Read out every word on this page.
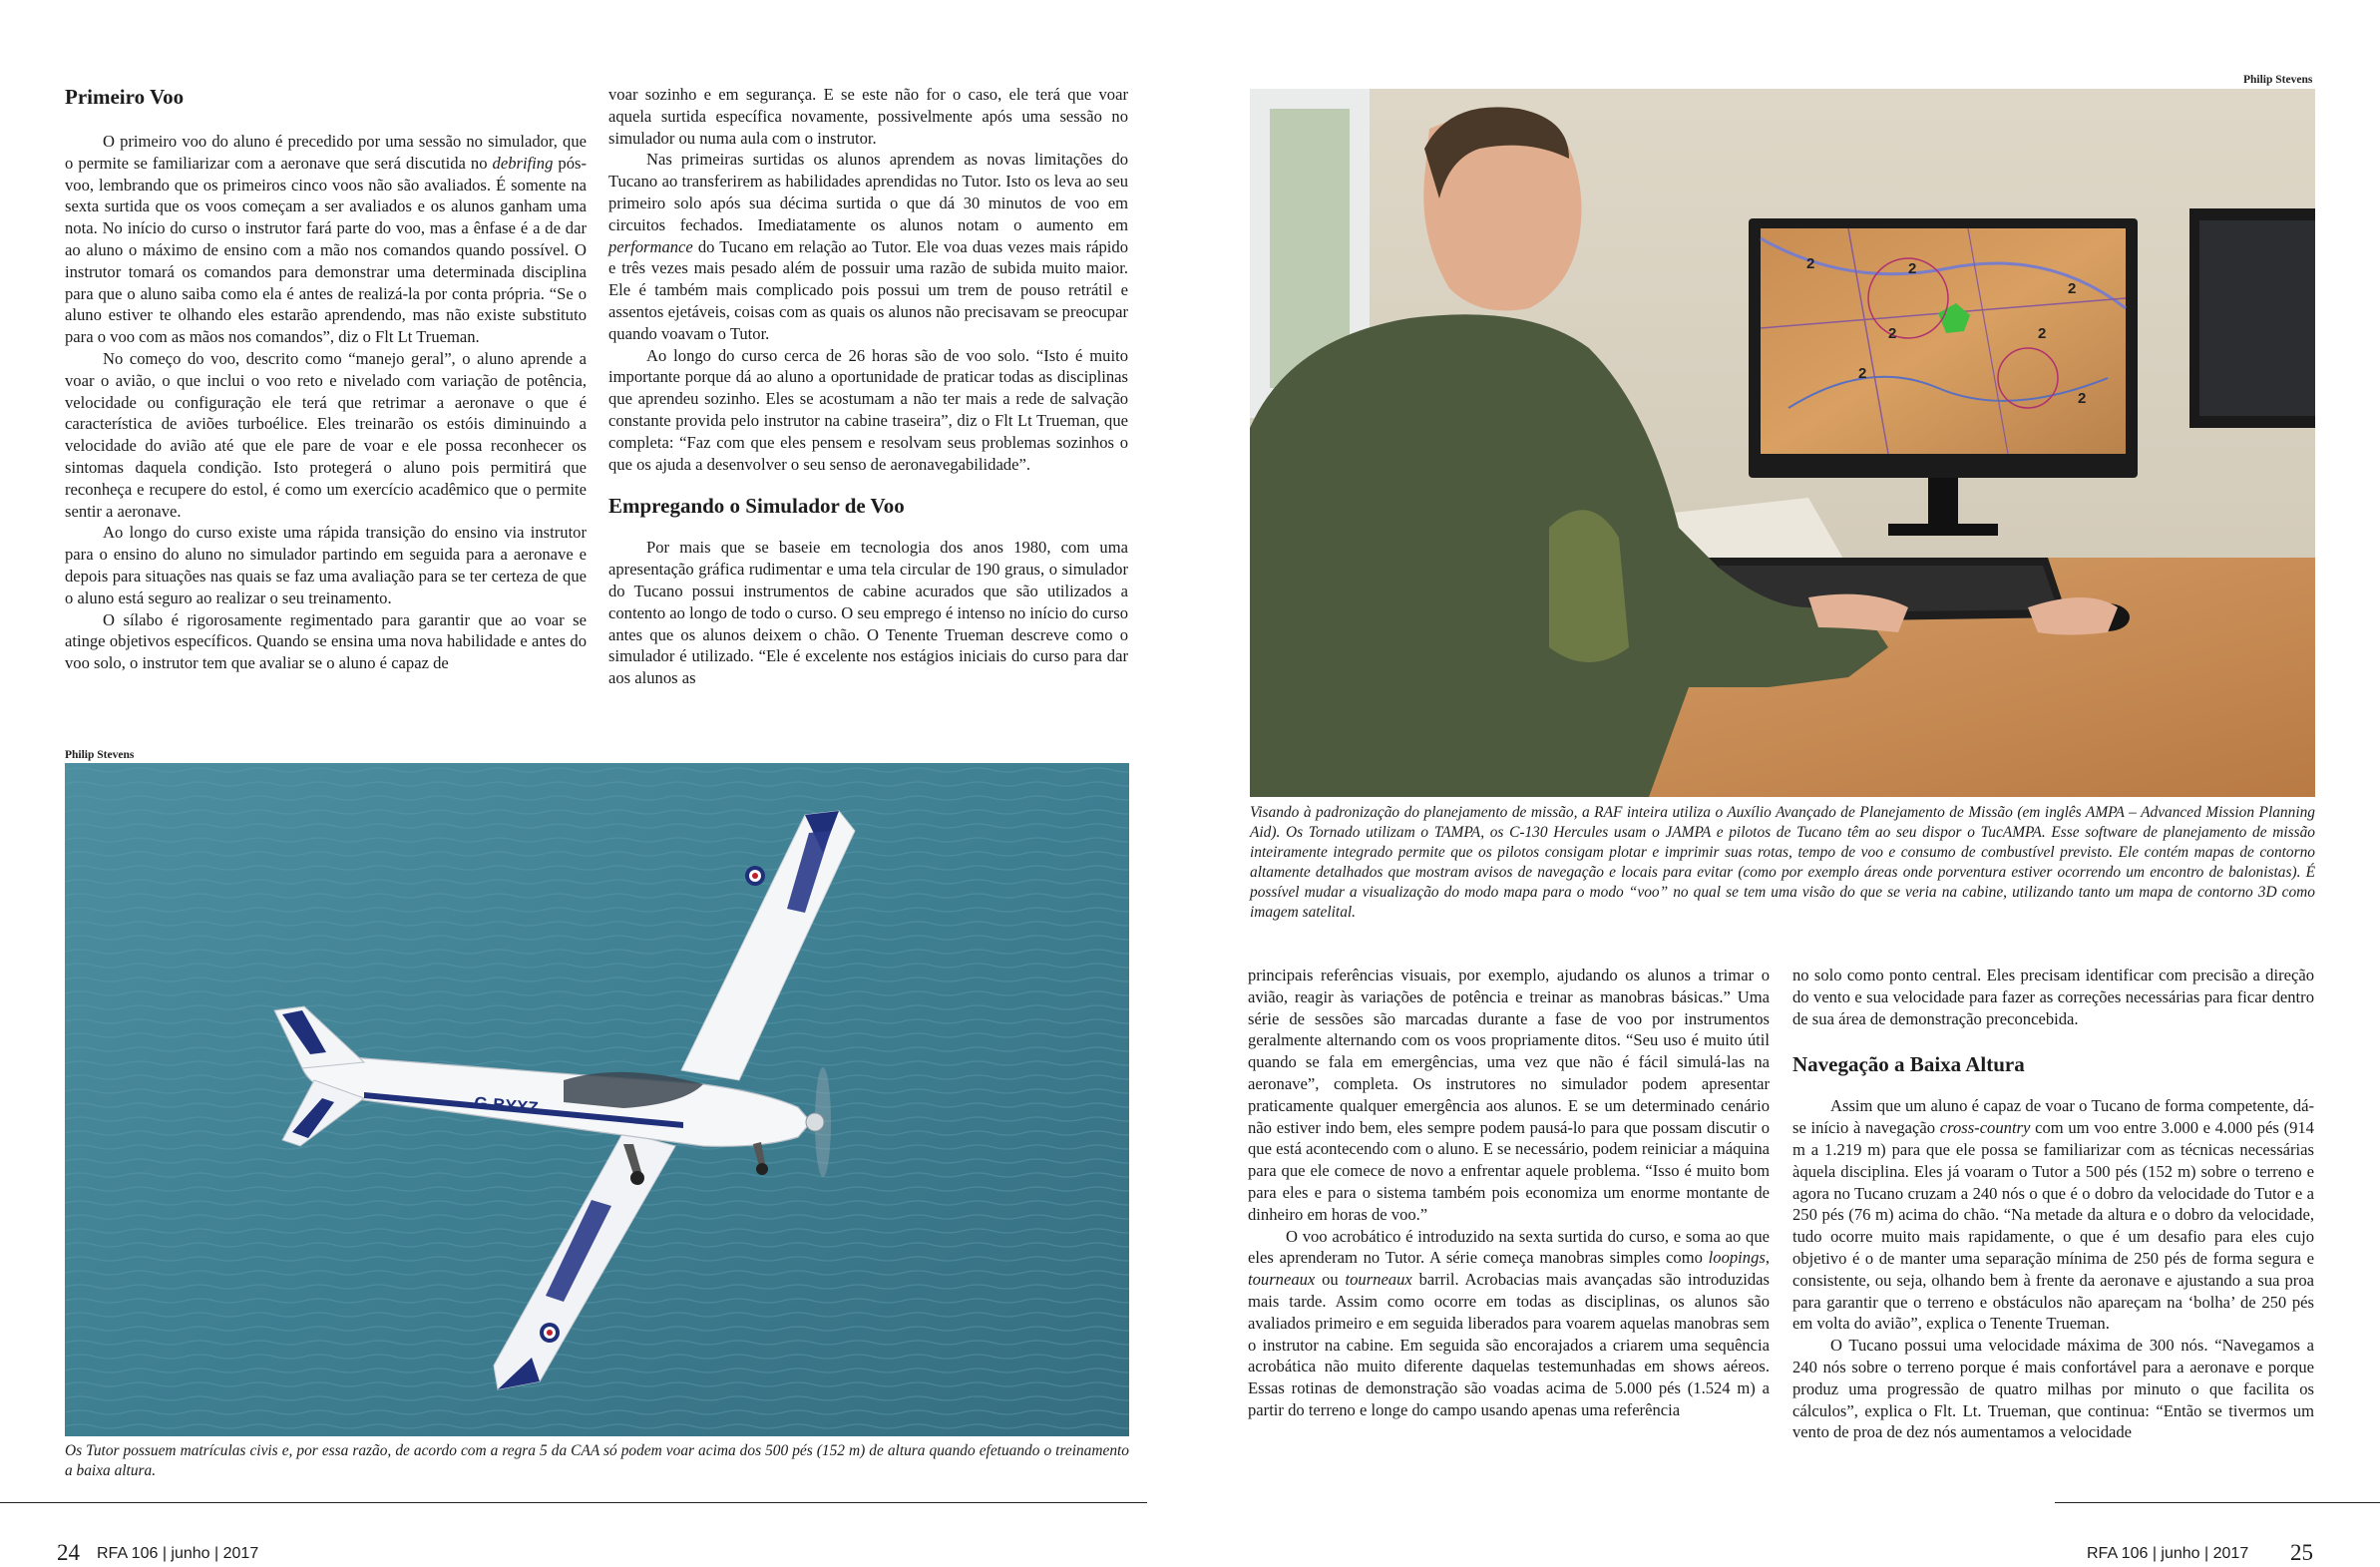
Primeiro Voo

O primeiro voo do aluno é precedido por uma sessão no simulador, que o permite se familiarizar com a aeronave que será discutida no debrifing pós-voo, lembrando que os primeiros cinco voos não são avaliados. É somente na sexta surtida que os voos começam a ser avaliados e os alunos ganham uma nota. No início do curso o instrutor fará parte do voo, mas a ênfase é a de dar ao aluno o máximo de ensino com a mão nos comandos quando possível. O instrutor tomará os comandos para demonstrar uma determinada disciplina para que o aluno saiba como ela é antes de realizá-la por conta própria. “Se o aluno estiver te olhando eles estarão aprendendo, mas não existe substituto para o voo com as mãos nos comandos”, diz o Flt Lt Trueman.

No começo do voo, descrito como “manejo geral”, o aluno aprende a voar o avião, o que inclui o voo reto e nivelado com variação de potência, velocidade ou configuração ele terá que retrimar a aeronave o que é característica de aviões turboélice. Eles treinarão os estóis diminuindo a velocidade do avião até que ele pare de voar e ele possa reconhecer os sintomas daquela condição. Isto protegerá o aluno pois permitirá que reconheça e recupere do estol, é como um exercício acadêmico que o permite sentir a aeronave.

Ao longo do curso existe uma rápida transição do ensino via instrutor para o ensino do aluno no simulador partindo em seguida para a aeronave e depois para situações nas quais se faz uma avaliação para se ter certeza de que o aluno está seguro ao realizar o seu treinamento.

O sílabo é rigorosamente regimentado para garantir que ao voar se atinge objetivos específicos. Quando se ensina uma nova habilidade e antes do voo solo, o instrutor tem que avaliar se o aluno é capaz de

voar sozinho e em segurança. E se este não for o caso, ele terá que voar aquela surtida específica novamente, possivelmente após uma sessão no simulador ou numa aula com o instrutor.

Nas primeiras surtidas os alunos aprendem as novas limitações do Tucano ao transferirem as habilidades aprendidas no Tutor. Isto os leva ao seu primeiro solo após sua décima surtida o que dá 30 minutos de voo em circuitos fechados. Imediatamente os alunos notam o aumento em performance do Tucano em relação ao Tutor. Ele voa duas vezes mais rápido e três vezes mais pesado além de possuir uma razão de subida muito maior. Ele é também mais complicado pois possui um trem de pouso retrátil e assentos ejetáveis, coisas com as quais os alunos não precisavam se preocupar quando voavam o Tutor.

Ao longo do curso cerca de 26 horas são de voo solo. “Isto é muito importante porque dá ao aluno a oportunidade de praticar todas as disciplinas que aprendeu sozinho. Eles se acostumam a não ter mais a rede de salvação constante provida pelo instrutor na cabine traseira”, diz o Flt Lt Trueman, que completa: “Faz com que eles pensem e resolvam seus problemas sozinhos o que os ajuda a desenvolver o seu senso de aeronavegabilidade”.

Empregando o Simulador de Voo

Por mais que se baseie em tecnologia dos anos 1980, com uma apresentação gráfica rudimentar e uma tela circular de 190 graus, o simulador do Tucano possui instrumentos de cabine acurados que são utilizados a contento ao longo de todo o curso. O seu emprego é intenso no início do curso antes que os alunos deixem o chão. O Tenente Trueman descreve como o simulador é utilizado. “Ele é excelente nos estágios iniciais do curso para dar aos alunos as

Philip Stevens
G-BYXZ
Os Tutor possuem matrículas civis e, por essa razão, de acordo com a regra 5 da CAA só podem voar acima dos 500 pés (152 m) de altura quando efetuando o treinamento a baixa altura.
24 RFA 106 | junho | 2017
Philip Stevens
2	2
2
2	2
2
2
Visando à padronização do planejamento de missão, a RAF inteira utiliza o Auxílio Avançado de Planejamento de Missão (em inglês AMPA – Advanced Mission Planning Aid). Os Tornado utilizam o TAMPA, os C-130 Hercules usam o JAMPA e pilotos de Tucano têm ao seu dispor o TucAMPA. Esse software de planejamento de missão inteiramente integrado permite que os pilotos consigam plotar e imprimir suas rotas, tempo de voo e consumo de combustível previsto. Ele contém mapas de contorno altamente detalhados que mostram avisos de navegação e locais para evitar (como por exemplo áreas onde porventura estiver ocorrendo um encontro de balonistas). É possível mudar a visualização do modo mapa para o modo “voo” no qual se tem uma visão do que se veria na cabine, utilizando tanto um mapa de contorno 3D como imagem satelital.

principais referências visuais, por exemplo, ajudando os alunos a trimar o avião, reagir às variações de potência e treinar as manobras básicas.” Uma série de sessões são marcadas durante a fase de voo por instrumentos geralmente alternando com os voos propriamente ditos. “Seu uso é muito útil quando se fala em emergências, uma vez que não é fácil simulá-las na aeronave”, completa. Os instrutores no simulador podem apresentar praticamente qualquer emergência aos alunos. E se um determinado cenário não estiver indo bem, eles sempre podem pausá-lo para que possam discutir o que está acontecendo com o aluno. E se necessário, podem reiniciar a máquina para que ele comece de novo a enfrentar aquele problema. “Isso é muito bom para eles e para o sistema também pois economiza um enorme montante de dinheiro em horas de voo.”

O voo acrobático é introduzido na sexta surtida do curso, e soma ao que eles aprenderam no Tutor. A série começa manobras simples como loopings, tourneaux ou tourneaux barril. Acrobacias mais avançadas são introduzidas mais tarde. Assim como ocorre em todas as disciplinas, os alunos são avaliados primeiro e em seguida liberados para voarem aquelas manobras sem o instrutor na cabine. Em seguida são encorajados a criarem uma sequência acrobática não muito diferente daquelas testemunhadas em shows aéreos. Essas rotinas de demonstração são voadas acima de 5.000 pés (1.524 m) a partir do terreno e longe do campo usando apenas uma referência

no solo como ponto central. Eles precisam identificar com precisão a direção do vento e sua velocidade para fazer as correções necessárias para ficar dentro de sua área de demonstração preconcebida.

Navegação a Baixa Altura

Assim que um aluno é capaz de voar o Tucano de forma competente, dá-se início à navegação cross-country com um voo entre 3.000 e 4.000 pés (914 m a 1.219 m) para que ele possa se familiarizar com as técnicas necessárias àquela disciplina. Eles já voaram o Tutor a 500 pés (152 m) sobre o terreno e agora no Tucano cruzam a 240 nós o que é o dobro da velocidade do Tutor e a 250 pés (76 m) acima do chão. “Na metade da altura e o dobro da velocidade, tudo ocorre muito mais rapidamente, o que é um desafio para eles cujo objetivo é o de manter uma separação mínima de 250 pés de forma segura e consistente, ou seja, olhando bem à frente da aeronave e ajustando a sua proa para garantir que o terreno e obstáculos não apareçam na ‘bolha’ de 250 pés em volta do avião”, explica o Tenente Trueman.

O Tucano possui uma velocidade máxima de 300 nós. “Navegamos a 240 nós sobre o terreno porque é mais confortável para a aeronave e porque produz uma progressão de quatro milhas por minuto o que facilita os cálculos”, explica o Flt. Lt. Trueman, que continua: “Então se tivermos um vento de proa de dez nós aumentamos a velocidade

RFA 106 | junho | 2017 25
